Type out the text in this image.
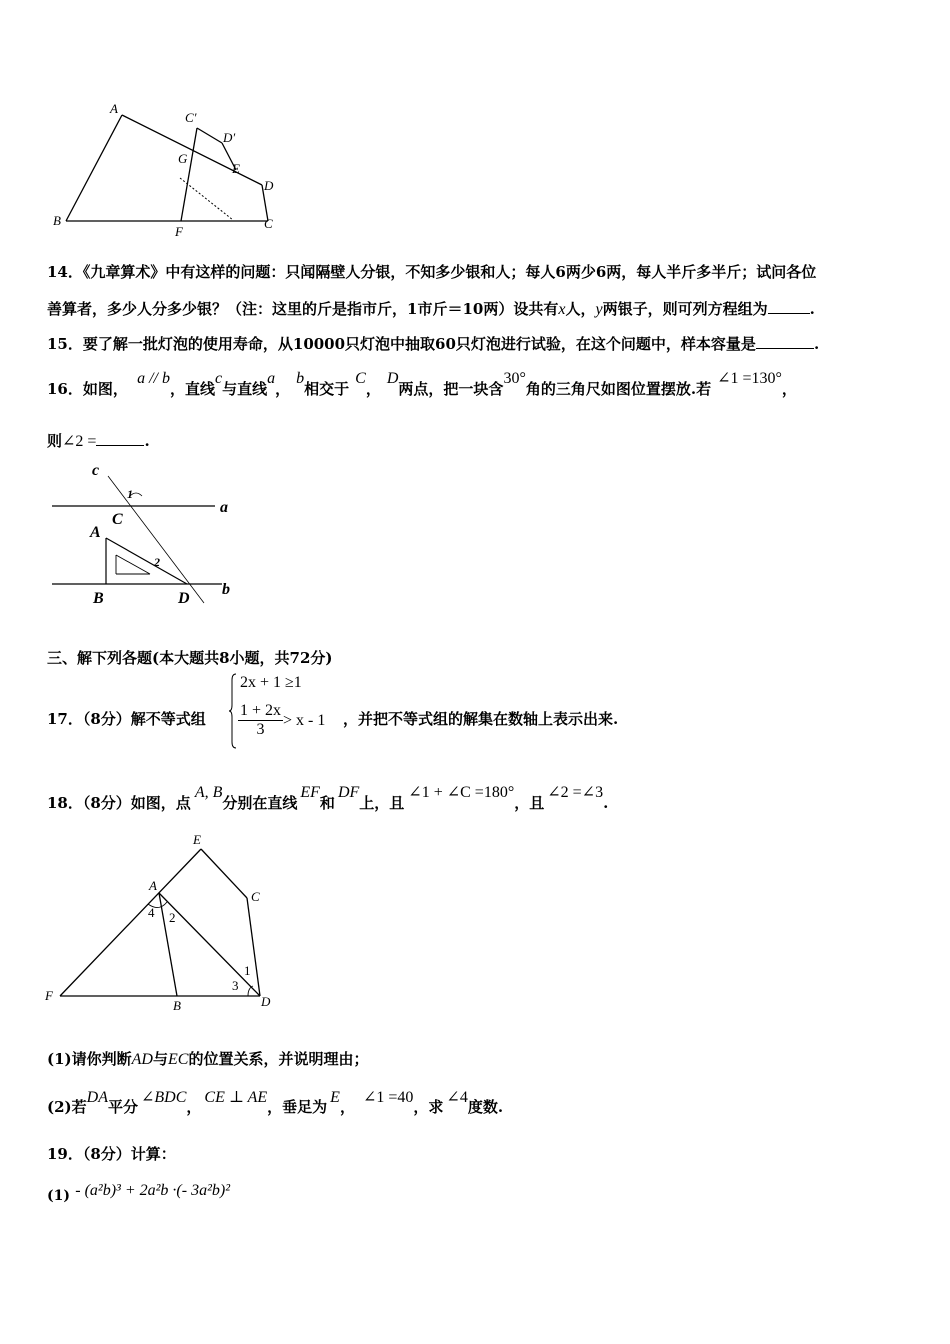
A
C′
D′
G
E
D
B
F
C
14．《九章算术》中有这样的问题：只闻隔壁人分银，不知多少银和人；每人6两少6两，每人半斤多半斤；试问各位
善算者，多少人分多少银？（注：这里的斤是指市斤，1市斤＝10两）设共有x人，y两银子，则可列方程组为	.
15．要了解一批灯泡的使用寿命，从10000只灯泡中抽取60只灯泡进行试验，在这个问题中，样本容量是	.
16．如图， a // b，直线c与直线a，b相交于C，D两点，把一块含30°角的三角尺如图位置摆放.若∠1 =130°，
则∠2 =	.
c
1
a
C
A
2
B	D
b
三、解下列各题(本大题共8小题，共72分)
17．（8分）解不等式组
2x + 1 ≥1
$\frac{1 + 2x}{3} > x - 1$ ，并把不等式组的解集在数轴上表示出来.
18．（8分）如图，点A, B分别在直线EF和DF上，且∠1 + ∠C =180°，且∠2 =∠3.
E
A
C
4 2
1
3
F
B	D
(1)请你判断AD与EC的位置关系，并说明理由；
(2)若DA平分∠BDC，CE ⊥ AE，垂足为E，∠1 =40，求∠4度数.
19．（8分）计算：
(1) - (a²b)³ + 2a²b ·(- 3a²b)²
